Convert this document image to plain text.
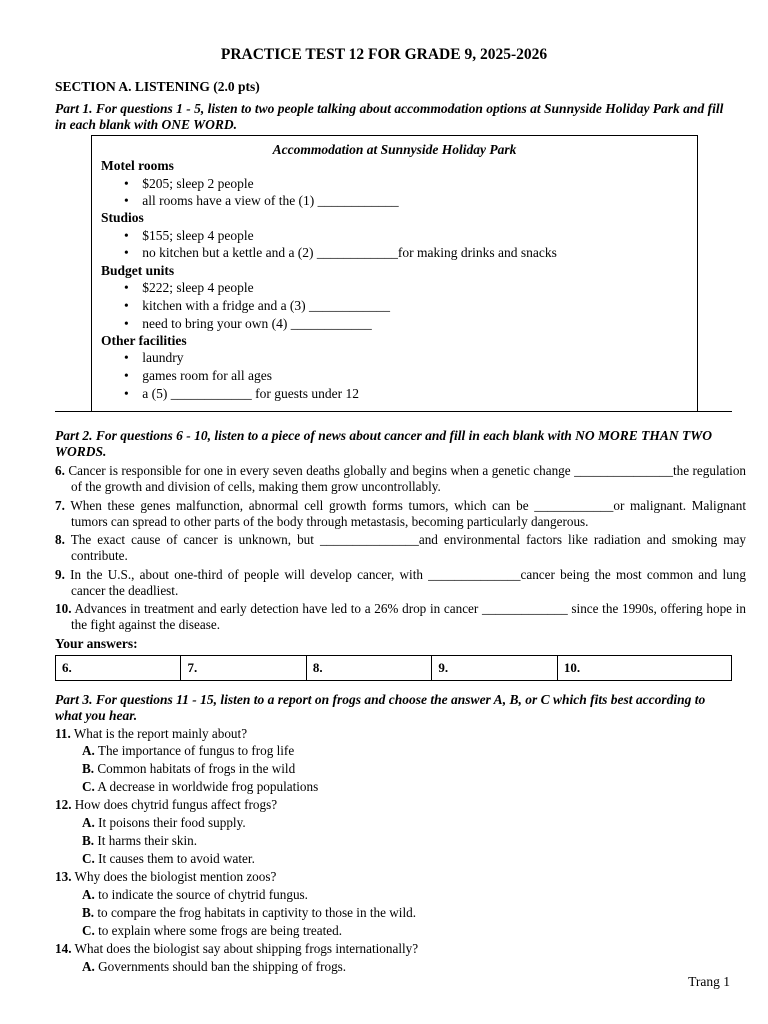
PRACTICE TEST 12 FOR GRADE 9, 2025-2026
SECTION A. LISTENING (2.0 pts)
Part 1. For questions 1 - 5, listen to two people talking about accommodation options at Sunnyside Holiday Park and fill in each blank with ONE WORD.
Accommodation at Sunnyside Holiday Park
Motel rooms
• $205; sleep 2 people
• all rooms have a view of the (1) ____________
Studios
• $155; sleep 4 people
• no kitchen but a kettle and a (2) ____________for making drinks and snacks
Budget units
• $222; sleep 4 people
• kitchen with a fridge and a (3) ____________
• need to bring your own (4) ____________
Other facilities
• laundry
• games room for all ages
• a (5) ____________ for guests under 12
Part 2. For questions 6 - 10, listen to a piece of news about cancer and fill in each blank with NO MORE THAN TWO WORDS.
6. Cancer is responsible for one in every seven deaths globally and begins when a genetic change _______________the regulation of the growth and division of cells, making them grow uncontrollably.
7. When these genes malfunction, abnormal cell growth forms tumors, which can be ____________or malignant. Malignant tumors can spread to other parts of the body through metastasis, becoming particularly dangerous.
8. The exact cause of cancer is unknown, but _______________and environmental factors like radiation and smoking may contribute.
9. In the U.S., about one-third of people will develop cancer, with ______________cancer being the most common and lung cancer the deadliest.
10. Advances in treatment and early detection have led to a 26% drop in cancer _____________ since the 1990s, offering hope in the fight against the disease.
Your answers:
6.	7.	8.	9.	10.
Part 3. For questions 11 - 15, listen to a report on frogs and choose the answer A, B, or C which fits best according to what you hear.
11. What is the report mainly about?
A. The importance of fungus to frog life
B. Common habitats of frogs in the wild
C. A decrease in worldwide frog populations
12. How does chytrid fungus affect frogs?
A. It poisons their food supply.
B. It harms their skin.
C. It causes them to avoid water.
13. Why does the biologist mention zoos?
A. to indicate the source of chytrid fungus.
B. to compare the frog habitats in captivity to those in the wild.
C. to explain where some frogs are being treated.
14. What does the biologist say about shipping frogs internationally?
A. Governments should ban the shipping of frogs.
Trang 1
